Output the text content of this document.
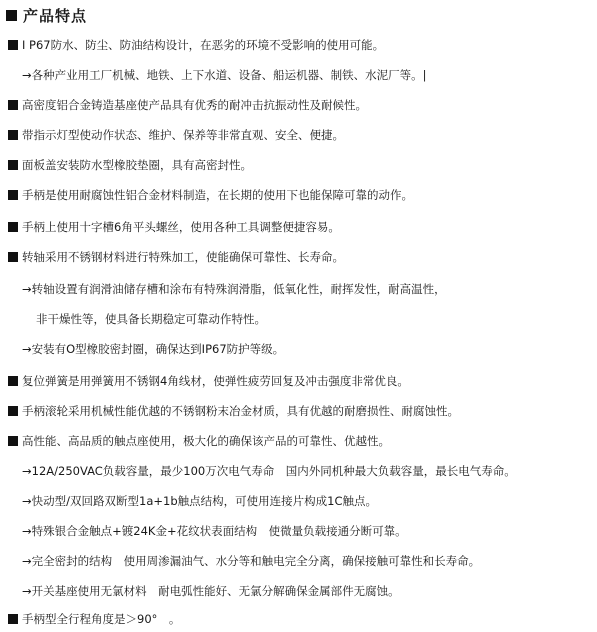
产品特点
I P67防水、防尘、防油结构设计，在恶劣的环境不受影响的使用可能。
→各种产业用工厂机械、地铁、上下水道、设备、船运机器、制铁、水泥厂等。|
高密度铝合金铸造基座使产品具有优秀的耐冲击抗振动性及耐候性。
带指示灯型使动作状态、维护、保养等非常直观、安全、便捷。
面板盖安装防水型橡胶垫圈，具有高密封性。
手柄是使用耐腐蚀性铝合金材料制造，在长期的使用下也能保障可靠的动作。
手柄上使用十字槽6角平头螺丝，使用各种工具调整便捷容易。
转轴采用不锈钢材料进行特殊加工，使能确保可靠性、长寿命。
→转轴设置有润滑油储存槽和涂布有特殊润滑脂，低氧化性，耐挥发性，耐高温性，
非干燥性等，使具备长期稳定可靠动作特性。
→安装有O型橡胶密封圈，确保达到IP67防护等级。
复位弹簧是用弹簧用不锈钢4角线材，使弹性疲劳回复及冲击强度非常优良。
手柄滚轮采用机械性能优越的不锈钢粉末冶金材质，具有优越的耐磨损性、耐腐蚀性。
高性能、高品质的触点座使用，极大化的确保该产品的可靠性、优越性。
→12A/250VAC负载容量，最少100万次电气寿命　国内外同机种最大负载容量，最长电气寿命。
→快动型/双回路双断型1a+1b触点结构，可使用连接片构成1C触点。
→特殊银合金触点+镀24K金+花纹状表面结构　使微量负载接通分断可靠。
→完全密封的结构　使用周渗漏油气、水分等和触电完全分离，确保接触可靠性和长寿命。
→开关基座使用无氯材料　耐电弧性能好、无氯分解确保金属部件无腐蚀。
手柄型全行程角度是＞90°　。
